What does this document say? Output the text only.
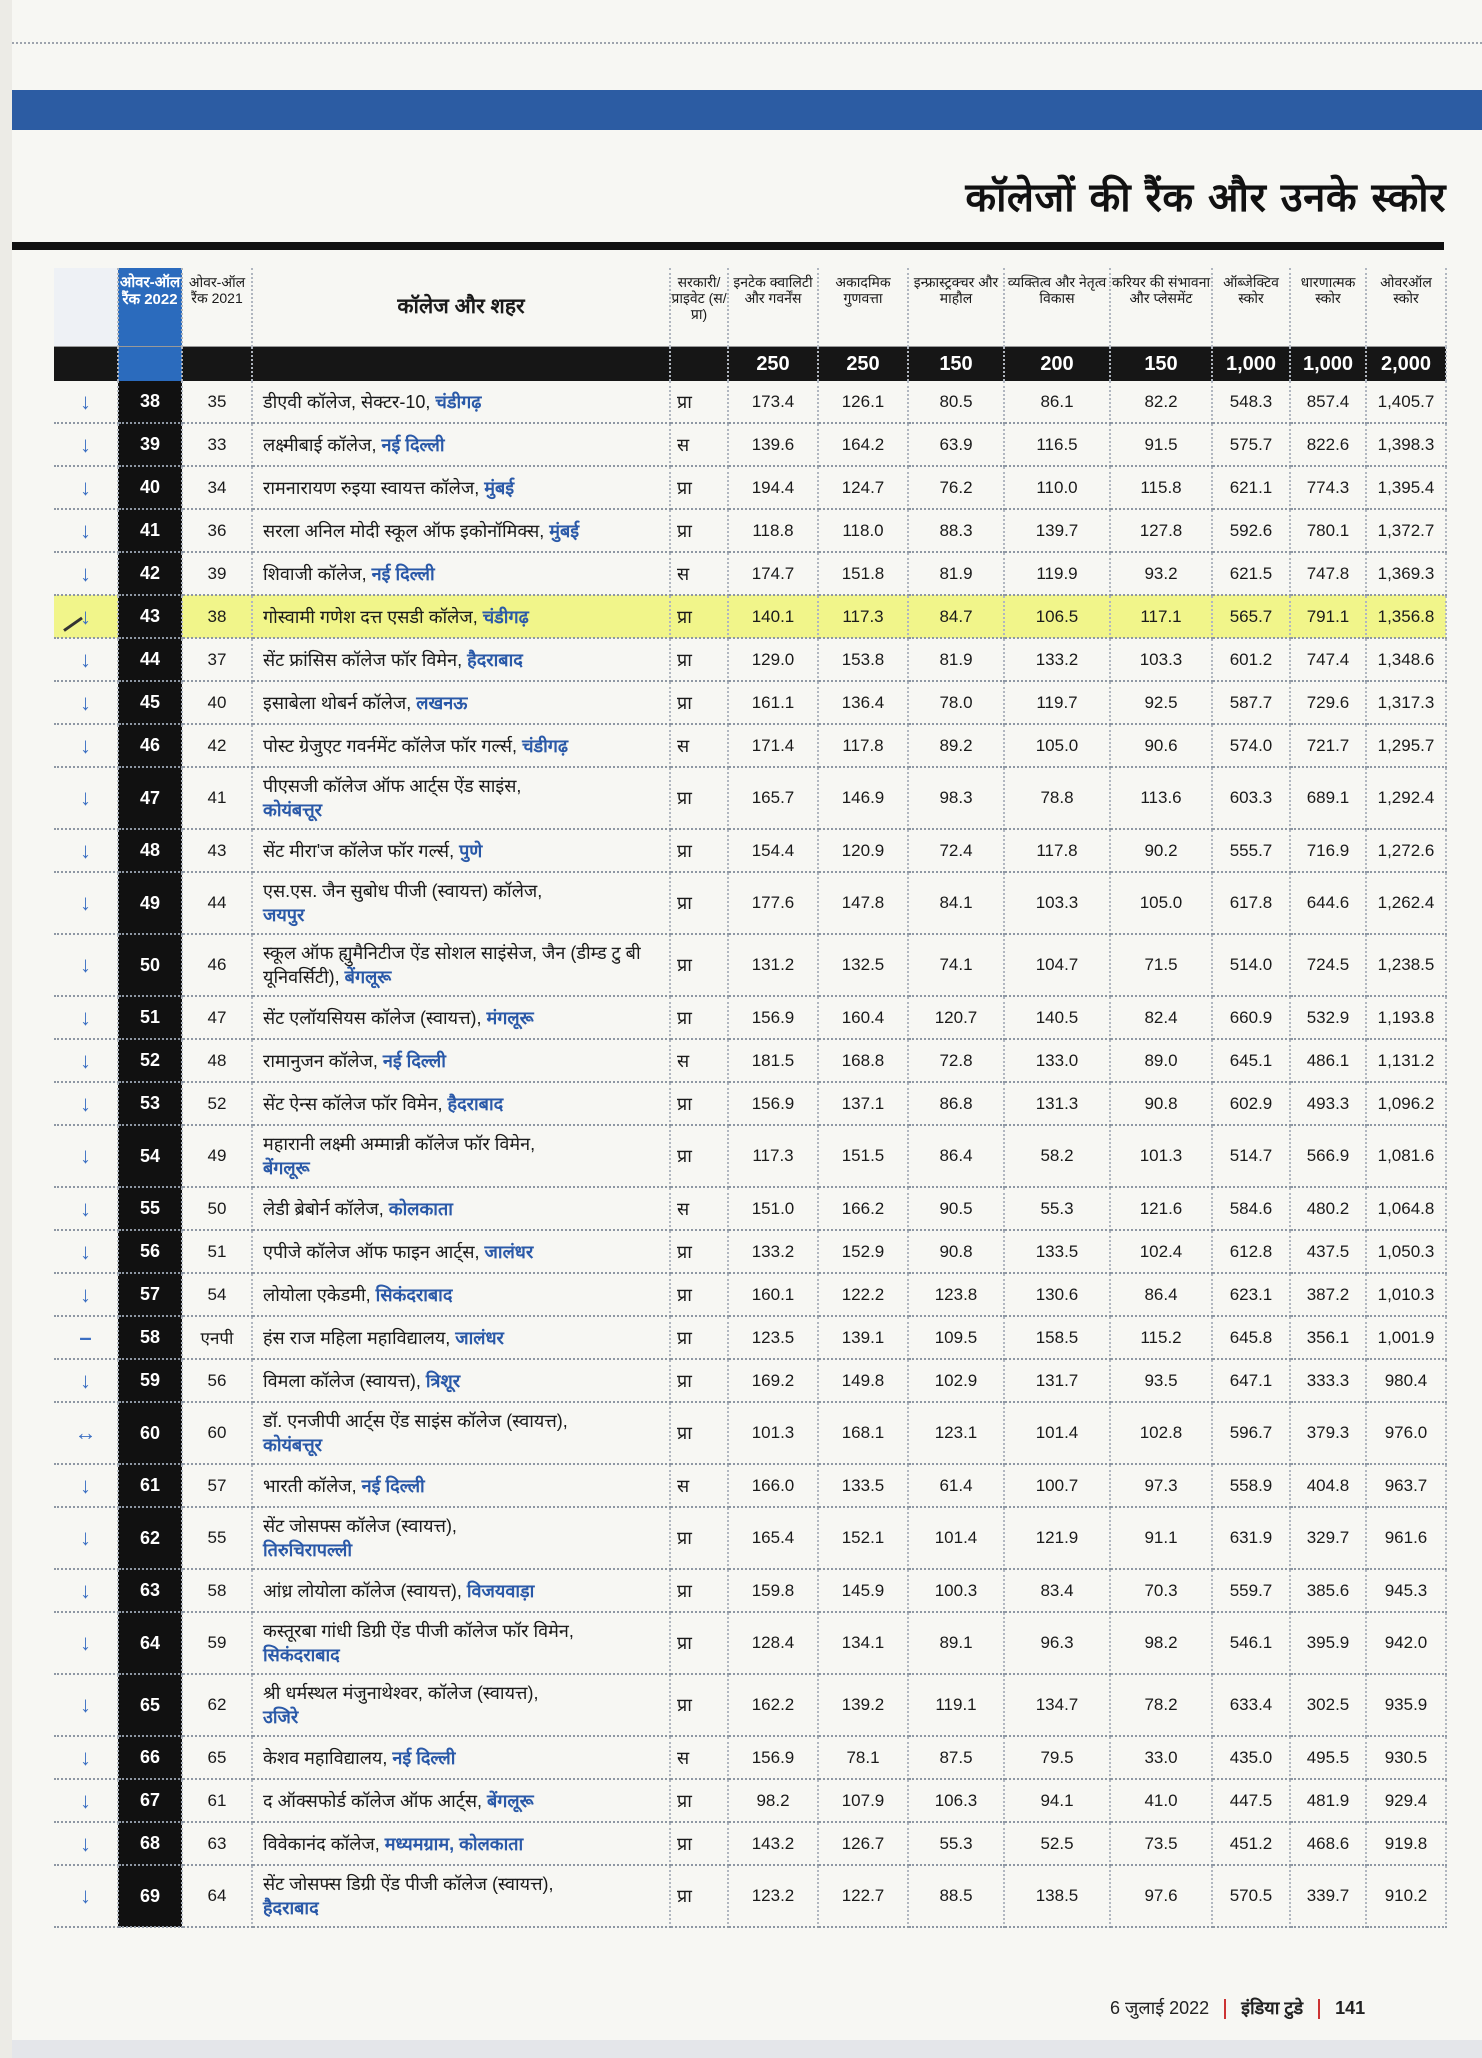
कॉलेजों की रैंक और उनके स्कोर
	ओवर-ऑल रैंक 2022	ओवर-ऑल रैंक 2021	कॉलेज और शहर	सरकारी/ प्राइवेट (स/प्रा)	इनटेक क्वालिटी और गवर्नेंस	अकादमिक गुणवत्ता	इन्फ्रास्ट्रक्चर और माहौल	व्यक्तित्व और नेतृत्व विकास	करियर की संभावना और प्लेसमेंट	ऑब्जेक्टिव स्कोर	धारणात्मक स्कोर	ओवरऑल स्कोर
					250	250	150	200	150	1,000	1,000	2,000
↓	38	35	डीएवी कॉलेज, सेक्टर-10, चंडीगढ़	प्रा	173.4	126.1	80.5	86.1	82.2	548.3	857.4	1,405.7
↓	39	33	लक्ष्मीबाई कॉलेज, नई दिल्ली	स	139.6	164.2	63.9	116.5	91.5	575.7	822.6	1,398.3
↓	40	34	रामनारायण रुइया स्वायत्त कॉलेज, मुंबई	प्रा	194.4	124.7	76.2	110.0	115.8	621.1	774.3	1,395.4
↓	41	36	सरला अनिल मोदी स्कूल ऑफ इकोनॉमिक्स, मुंबई	प्रा	118.8	118.0	88.3	139.7	127.8	592.6	780.1	1,372.7
↓	42	39	शिवाजी कॉलेज, नई दिल्ली	स	174.7	151.8	81.9	119.9	93.2	621.5	747.8	1,369.3
↓	43	38	गोस्वामी गणेश दत्त एसडी कॉलेज, चंडीगढ़	प्रा	140.1	117.3	84.7	106.5	117.1	565.7	791.1	1,356.8
↓	44	37	सेंट फ्रांसिस कॉलेज फॉर विमेन, हैदराबाद	प्रा	129.0	153.8	81.9	133.2	103.3	601.2	747.4	1,348.6
↓	45	40	इसाबेला थोबर्न कॉलेज, लखनऊ	प्रा	161.1	136.4	78.0	119.7	92.5	587.7	729.6	1,317.3
↓	46	42	पोस्ट ग्रेजुएट गवर्नमेंट कॉलेज फॉर गर्ल्स, चंडीगढ़	स	171.4	117.8	89.2	105.0	90.6	574.0	721.7	1,295.7
↓	47	41	पीएसजी कॉलेज ऑफ आर्ट्स ऐंड साइंस,
कोयंबत्तूर	प्रा	165.7	146.9	98.3	78.8	113.6	603.3	689.1	1,292.4
↓	48	43	सेंट मीरा'ज कॉलेज फॉर गर्ल्स, पुणे	प्रा	154.4	120.9	72.4	117.8	90.2	555.7	716.9	1,272.6
↓	49	44	एस.एस. जैन सुबोध पीजी (स्वायत्त) कॉलेज,
जयपुर	प्रा	177.6	147.8	84.1	103.3	105.0	617.8	644.6	1,262.4
↓	50	46	स्कूल ऑफ ह्युमैनिटीज ऐंड सोशल साइंसेज, जैन (डीम्ड टु बी यूनिवर्सिटी), बेंगलूरू	प्रा	131.2	132.5	74.1	104.7	71.5	514.0	724.5	1,238.5
↓	51	47	सेंट एलॉयसियस कॉलेज (स्वायत्त), मंगलूरू	प्रा	156.9	160.4	120.7	140.5	82.4	660.9	532.9	1,193.8
↓	52	48	रामानुजन कॉलेज, नई दिल्ली	स	181.5	168.8	72.8	133.0	89.0	645.1	486.1	1,131.2
↓	53	52	सेंट ऐन्स कॉलेज फॉर विमेन, हैदराबाद	प्रा	156.9	137.1	86.8	131.3	90.8	602.9	493.3	1,096.2
↓	54	49	महारानी लक्ष्मी अम्मान्नी कॉलेज फॉर विमेन,
बेंगलूरू	प्रा	117.3	151.5	86.4	58.2	101.3	514.7	566.9	1,081.6
↓	55	50	लेडी ब्रेबोर्न कॉलेज, कोलकाता	स	151.0	166.2	90.5	55.3	121.6	584.6	480.2	1,064.8
↓	56	51	एपीजे कॉलेज ऑफ फाइन आर्ट्स, जालंधर	प्रा	133.2	152.9	90.8	133.5	102.4	612.8	437.5	1,050.3
↓	57	54	लोयोला एकेडमी, सिकंदराबाद	प्रा	160.1	122.2	123.8	130.6	86.4	623.1	387.2	1,010.3
–	58	एनपी	हंस राज महिला महाविद्यालय, जालंधर	प्रा	123.5	139.1	109.5	158.5	115.2	645.8	356.1	1,001.9
↓	59	56	विमला कॉलेज (स्वायत्त), त्रिशूर	प्रा	169.2	149.8	102.9	131.7	93.5	647.1	333.3	980.4
↔	60	60	डॉ. एनजीपी आर्ट्स ऐंड साइंस कॉलेज (स्वायत्त),
कोयंबत्तूर	प्रा	101.3	168.1	123.1	101.4	102.8	596.7	379.3	976.0
↓	61	57	भारती कॉलेज, नई दिल्ली	स	166.0	133.5	61.4	100.7	97.3	558.9	404.8	963.7
↓	62	55	सेंट जोसफ्स कॉलेज (स्वायत्त),
तिरुचिरापल्ली	प्रा	165.4	152.1	101.4	121.9	91.1	631.9	329.7	961.6
↓	63	58	आंध्र लोयोला कॉलेज (स्वायत्त), विजयवाड़ा	प्रा	159.8	145.9	100.3	83.4	70.3	559.7	385.6	945.3
↓	64	59	कस्तूरबा गांधी डिग्री ऐंड पीजी कॉलेज फॉर विमेन,
सिकंदराबाद	प्रा	128.4	134.1	89.1	96.3	98.2	546.1	395.9	942.0
↓	65	62	श्री धर्मस्थल मंजुनाथेश्वर, कॉलेज (स्वायत्त),
उजिरे	प्रा	162.2	139.2	119.1	134.7	78.2	633.4	302.5	935.9
↓	66	65	केशव महाविद्यालय, नई दिल्ली	स	156.9	78.1	87.5	79.5	33.0	435.0	495.5	930.5
↓	67	61	द ऑक्सफोर्ड कॉलेज ऑफ आर्ट्स, बेंगलूरू	प्रा	98.2	107.9	106.3	94.1	41.0	447.5	481.9	929.4
↓	68	63	विवेकानंद कॉलेज, मध्यमग्राम, कोलकाता	प्रा	143.2	126.7	55.3	52.5	73.5	451.2	468.6	919.8
↓	69	64	सेंट जोसफ्स डिग्री ऐंड पीजी कॉलेज (स्वायत्त),
हैदराबाद	प्रा	123.2	122.7	88.5	138.5	97.6	570.5	339.7	910.2
6 जुलाई 2022 इंडिया टुडे 141
